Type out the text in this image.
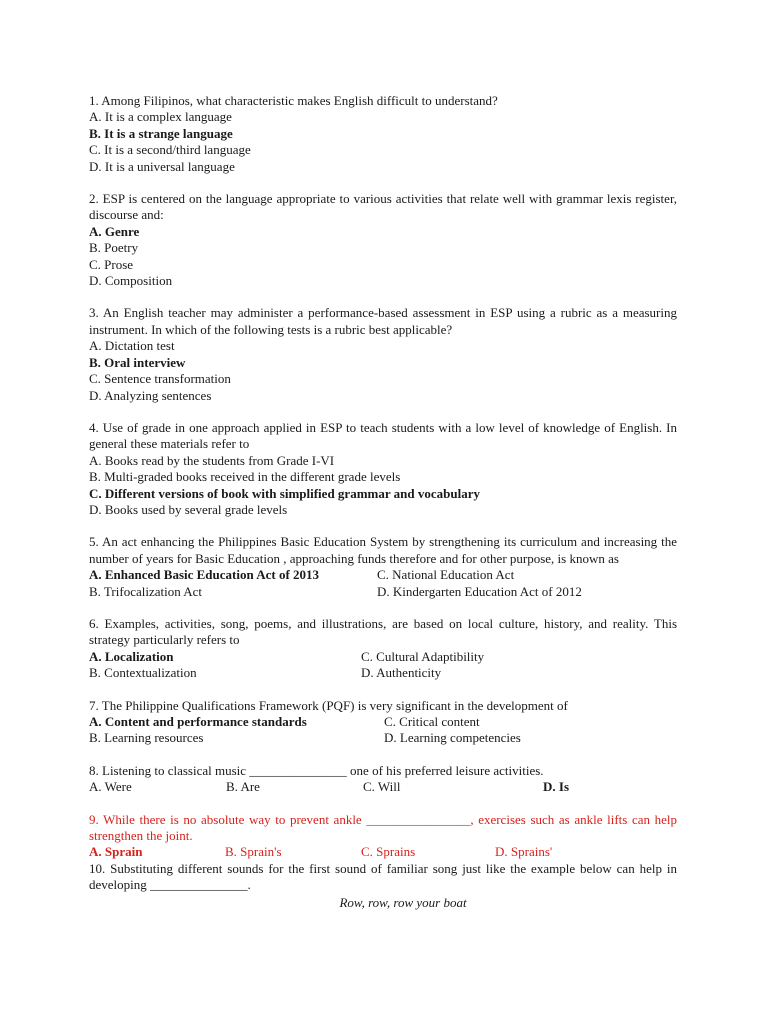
1. Among Filipinos, what characteristic makes English difficult to understand?
A. It is a complex language
B. It is a strange language
C. It is a second/third language
D. It is a universal language
2. ESP is centered on the language appropriate to various activities that relate well with grammar lexis register, discourse and:
A. Genre
B. Poetry
C. Prose
D. Composition
3. An English teacher may administer a performance-based assessment in ESP using a rubric as a measuring instrument. In which of the following tests is a rubric best applicable?
A. Dictation test
B. Oral interview
C. Sentence transformation
D. Analyzing sentences
4. Use of grade in one approach applied in ESP to teach students with a low level of knowledge of English. In general these materials refer to
A. Books read by the students from Grade I-VI
B. Multi-graded books received in the different grade levels
C. Different versions of book with simplified grammar and vocabulary
D. Books used by several grade levels
5. An act enhancing the Philippines Basic Education System by strengthening its curriculum and increasing the number of years for Basic Education , approaching funds therefore and for other purpose, is known as
A. Enhanced Basic Education Act of 2013	C. National Education Act
B. Trifocalization Act	D. Kindergarten Education Act of 2012
6. Examples, activities, song, poems, and illustrations, are based on local culture, history, and reality. This strategy particularly refers to
A. Localization	C. Cultural Adaptibility
B. Contextualization	D. Authenticity
7. The Philippine Qualifications Framework (PQF) is very significant in the development of
A. Content and performance standards	C. Critical content
B. Learning resources	D. Learning competencies
8. Listening to classical music _______________ one of his preferred leisure activities.
A. Were	B. Are	C. Will	D. Is
9. While there is no absolute way to prevent ankle ________________, exercises such as ankle lifts can help strengthen the joint.
A. Sprain	B. Sprain's	C. Sprains	D. Sprains'
10. Substituting different sounds for the first sound of familiar song just like the example below can help in developing _______________.
Row, row, row your boat
